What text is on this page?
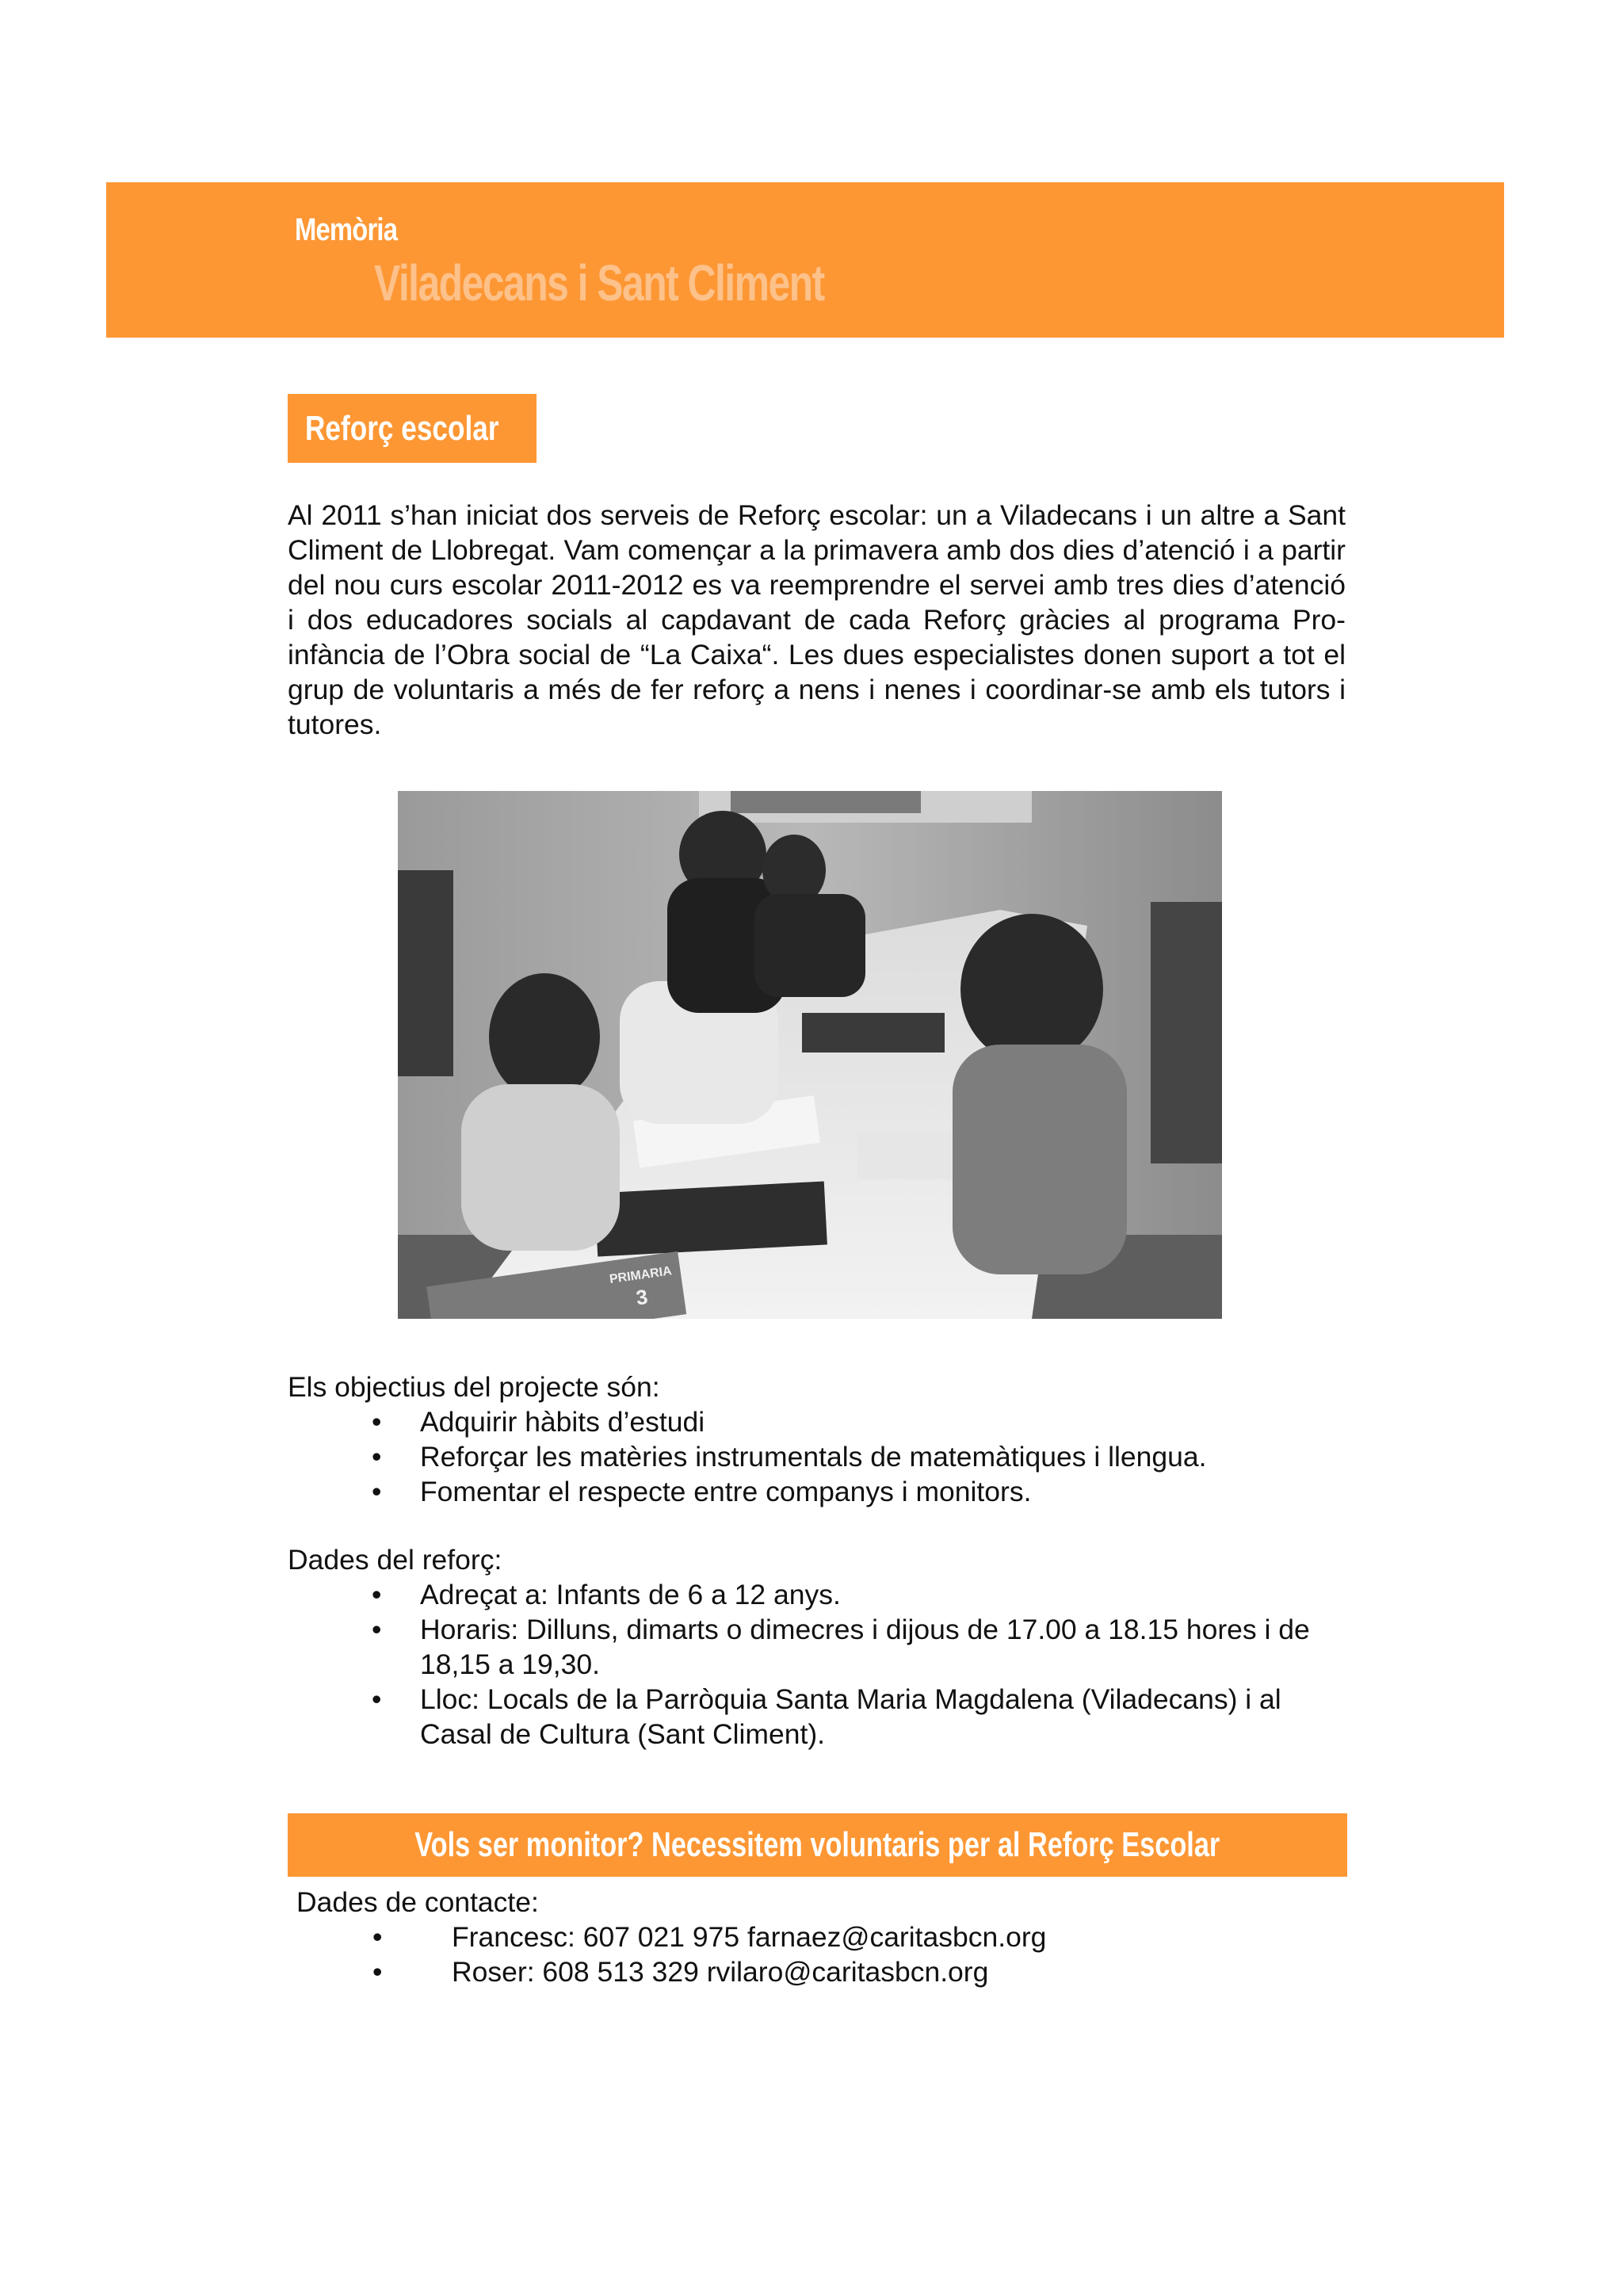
Memòria
Viladecans i Sant Climent
Reforç escolar

Al 2011 s’han iniciat dos serveis de Reforç escolar: un a Viladecans i un altre a Sant Climent de Llobregat. Vam començar a la primavera amb dos dies d’atenció i a partir del nou curs escolar 2011-2012 es va reemprendre el servei amb tres dies d’atenció i dos educadores socials al capdavant de cada Reforç gràcies al programa Pro-infància de l’Obra social de “La Caixa“. Les dues especialistes donen suport a tot el grup de voluntaris a més de fer reforç a nens i nenes i coordinar-se amb els tutors i tutores.

PRIMARIA
3

Els objectius del projecte són:

• Adquirir hàbits d’estudi
• Reforçar les matèries instrumentals de matemàtiques i llengua.
• Fomentar el respecte entre companys i monitors.

Dades del reforç:

• Adreçat a: Infants de 6 a 12 anys.
• Horaris: Dilluns, dimarts o dimecres i dijous de 17.00 a 18.15 hores i de 18,15 a 19,30.
• Lloc: Locals de la Parròquia Santa Maria Magdalena (Viladecans) i al Casal de Cultura (Sant Climent).
Vols ser monitor? Necessitem voluntaris per al Reforç Escolar

Dades de contacte:

• Francesc: 607 021 975 farnaez@caritasbcn.org
• Roser: 608 513 329 rvilaro@caritasbcn.org
